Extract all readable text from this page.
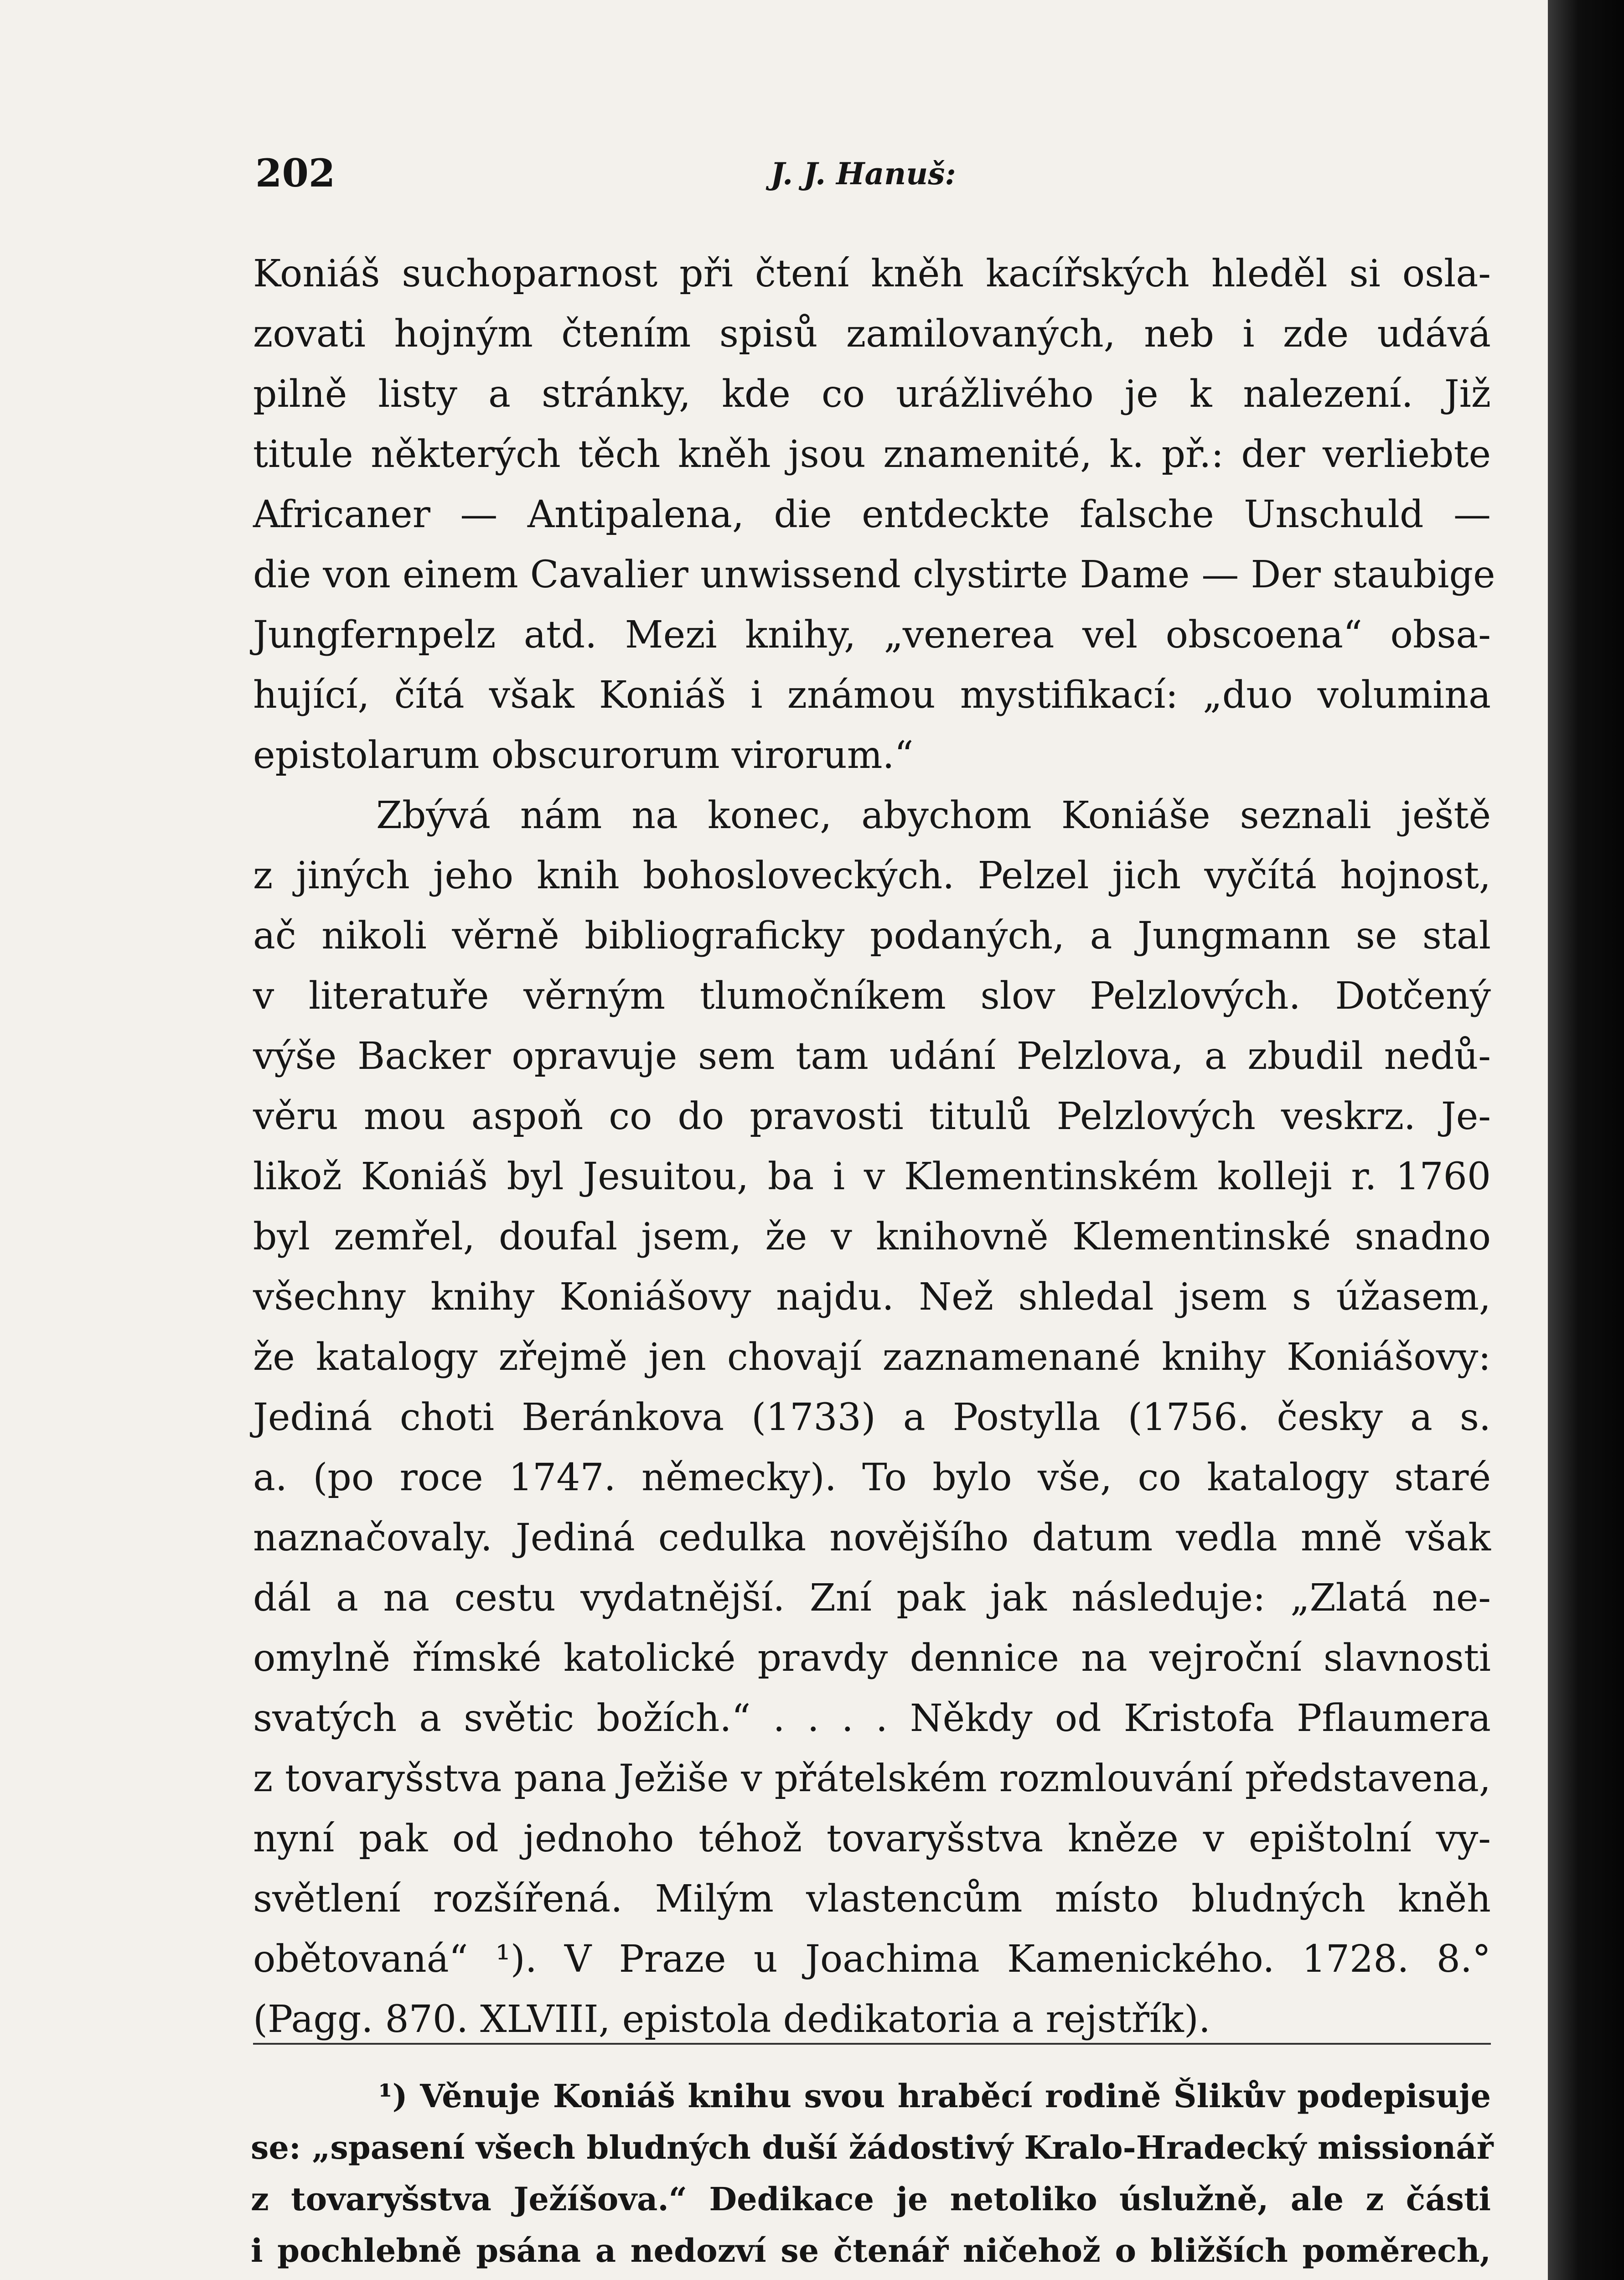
202	J. J. Hanuš:
Koniáš suchoparnost při čtení kněh kacířských hleděl si osla-
zovati hojným čtením spisů zamilovaných, neb i zde udává
pilně listy a stránky, kde co urážlivého je k nalezení. Již
titule některých těch kněh jsou znamenité, k. př.: der verliebte
Africaner — Antipalena, die entdeckte falsche Unschuld —
die von einem Cavalier unwissend clystirte Dame — Der staubige
Jungfernpelz atd. Mezi knihy, „venerea vel obscoena“ obsa-
hující, čítá však Koniáš i známou mystifikací: „duo volumina
epistolarum obscurorum virorum.“
Zbývá nám na konec, abychom Koniáše seznali ještě
z jiných jeho knih bohosloveckých. Pelzel jich vyčítá hojnost,
ač nikoli věrně bibliograficky podaných, a Jungmann se stal
v literatuře věrným tlumočníkem slov Pelzlových. Dotčený
výše Backer opravuje sem tam udání Pelzlova, a zbudil nedů-
věru mou aspoň co do pravosti titulů Pelzlových veskrz. Je-
likož Koniáš byl Jesuitou, ba i v Klementinském kolleji r. 1760
byl zemřel, doufal jsem, že v knihovně Klementinské snadno
všechny knihy Koniášovy najdu. Než shledal jsem s úžasem,
že katalogy zřejmě jen chovají zaznamenané knihy Koniášovy:
Jediná choti Beránkova (1733) a Postylla (1756. česky a s.
a. (po roce 1747. německy). To bylo vše, co katalogy staré
naznačovaly. Jediná cedulka novějšího datum vedla mně však
dál a na cestu vydatnější. Zní pak jak následuje: „Zlatá ne-
omylně římské katolické pravdy dennice na vejroční slavnosti
svatých a světic božích.“ . . . . Někdy od Kristofa Pflaumera
z tovaryšstva pana Ježiše v přátelském rozmlouvání představena,
nyní pak od jednoho téhož tovaryšstva kněze v epištolní vy-
světlení rozšířená. Milým vlastencům místo bludných kněh
obětovaná“ ¹). V Praze u Joachima Kamenického. 1728. 8.°
(Pagg. 870. XLVIII, epistola dedikatoria a rejstřík).
¹) Věnuje Koniáš knihu svou hraběcí rodině Šlikův podepisuje
se: „spasení všech bludných duší žádostivý Kralo-Hradecký missionář
z tovaryšstva Ježíšova.“ Dedikace je netoliko úslužně, ale z části
i pochlebně psána a nedozví se čtenář ničehož o bližších poměrech,
